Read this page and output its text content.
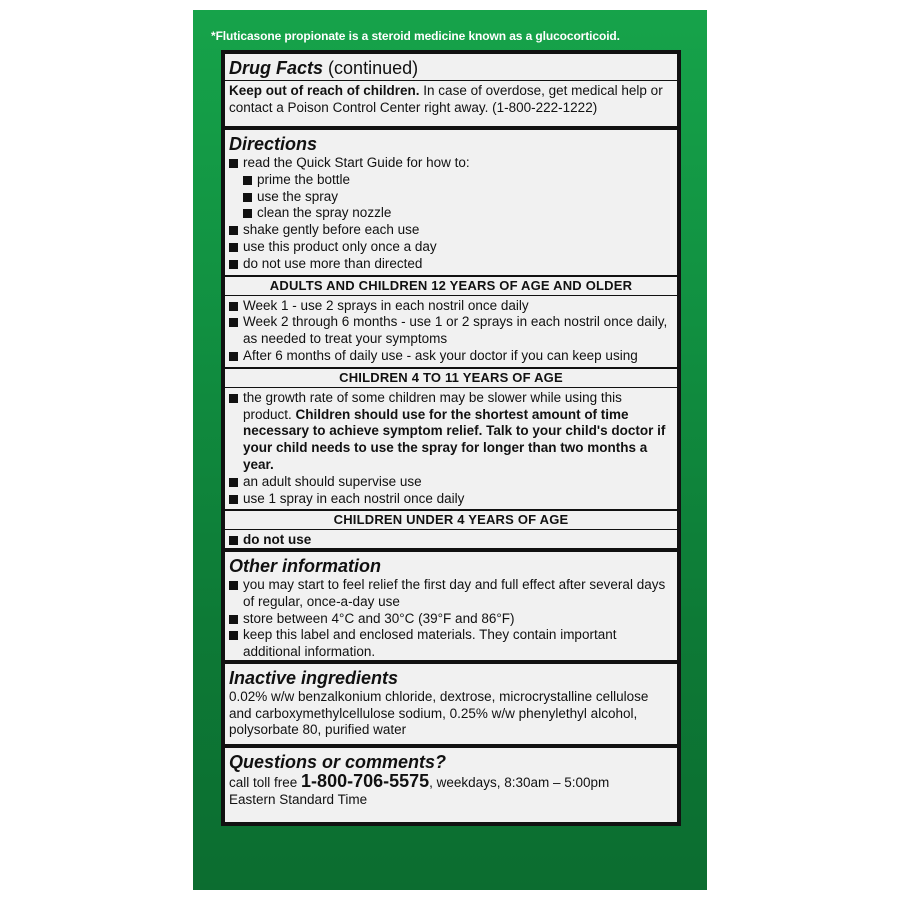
*Fluticasone propionate is a steroid medicine known as a glucocorticoid.
Drug Facts (continued)
Keep out of reach of children. In case of overdose, get medical help or contact a Poison Control Center right away. (1-800-222-1222)
Directions
read the Quick Start Guide for how to:
prime the bottle
use the spray
clean the spray nozzle
shake gently before each use
use this product only once a day
do not use more than directed
ADULTS AND CHILDREN 12 YEARS OF AGE AND OLDER
Week 1 - use 2 sprays in each nostril once daily
Week 2 through 6 months - use 1 or 2 sprays in each nostril once daily, as needed to treat your symptoms
After 6 months of daily use - ask your doctor if you can keep using
CHILDREN 4 TO 11 YEARS OF AGE
the growth rate of some children may be slower while using this product. Children should use for the shortest amount of time necessary to achieve symptom relief. Talk to your child's doctor if your child needs to use the spray for longer than two months a year.
an adult should supervise use
use 1 spray in each nostril once daily
CHILDREN UNDER 4 YEARS OF AGE
do not use
Other information
you may start to feel relief the first day and full effect after several days of regular, once-a-day use
store between 4°C and 30°C (39°F and 86°F)
keep this label and enclosed materials. They contain important additional information.
Inactive ingredients
0.02% w/w benzalkonium chloride, dextrose, microcrystalline cellulose and carboxymethylcellulose sodium, 0.25% w/w phenylethyl alcohol, polysorbate 80, purified water
Questions or comments?
call toll free 1-800-706-5575, weekdays, 8:30am – 5:00pm
Eastern Standard Time
